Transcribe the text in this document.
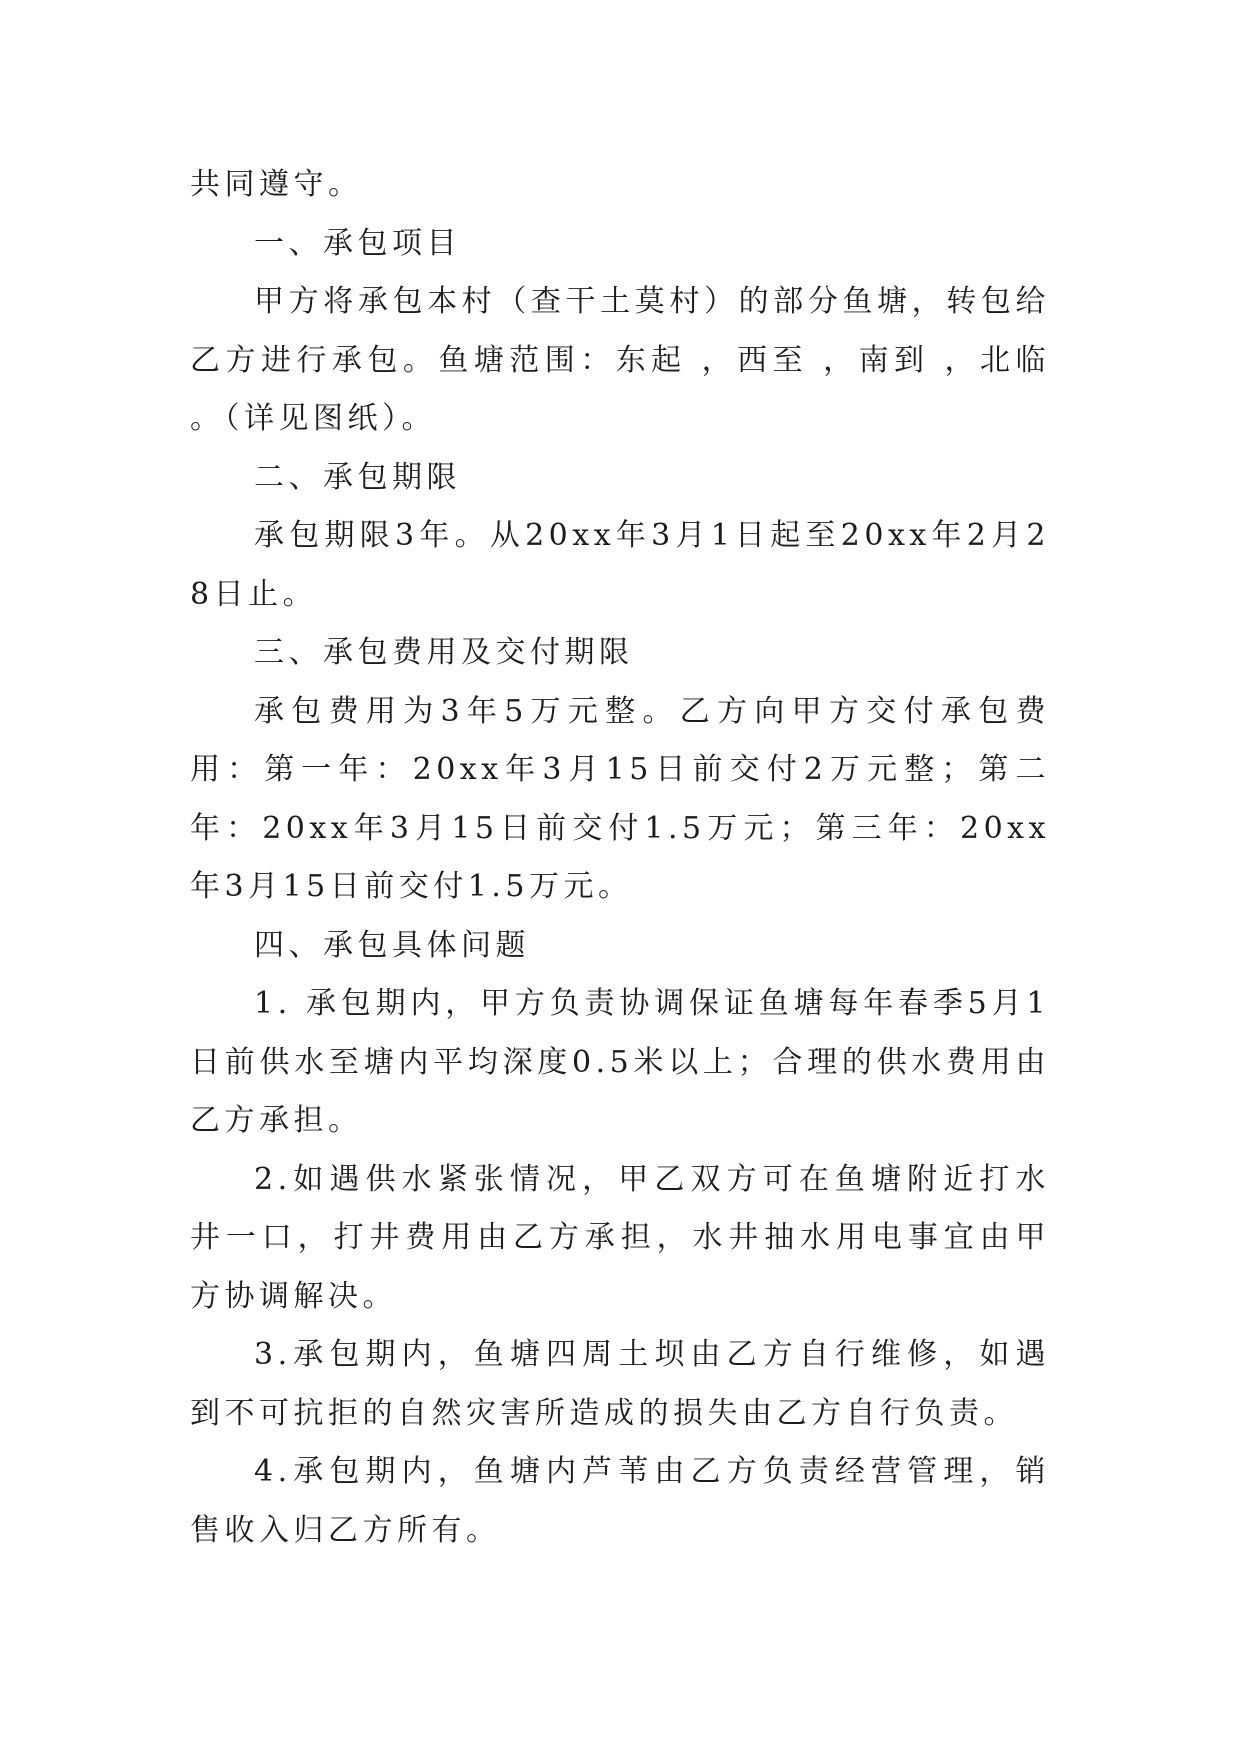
共同遵守。

一、承包项目

甲方将承包本村（查干土莫村）的部分鱼塘，转包给乙方进行承包。鱼塘范围：东起 ，西至 ，南到 ，北临 。（详见图纸）。

二、承包期限

承包期限3年。从20xx年3月1日起至20xx年2月28日止。

三、承包费用及交付期限

承包费用为3年5万元整。乙方向甲方交付承包费用：第一年：20xx年3月15日前交付2万元整；第二年：20xx年3月15日前交付1.5万元；第三年：20xx年3月15日前交付1.5万元。

四、承包具体问题

1. 承包期内，甲方负责协调保证鱼塘每年春季5月1日前供水至塘内平均深度0.5米以上；合理的供水费用由乙方承担。

2.如遇供水紧张情况，甲乙双方可在鱼塘附近打水井一口，打井费用由乙方承担，水井抽水用电事宜由甲方协调解决。

3.承包期内，鱼塘四周土坝由乙方自行维修，如遇到不可抗拒的自然灾害所造成的损失由乙方自行负责。

4.承包期内，鱼塘内芦苇由乙方负责经营管理，销售收入归乙方所有。
